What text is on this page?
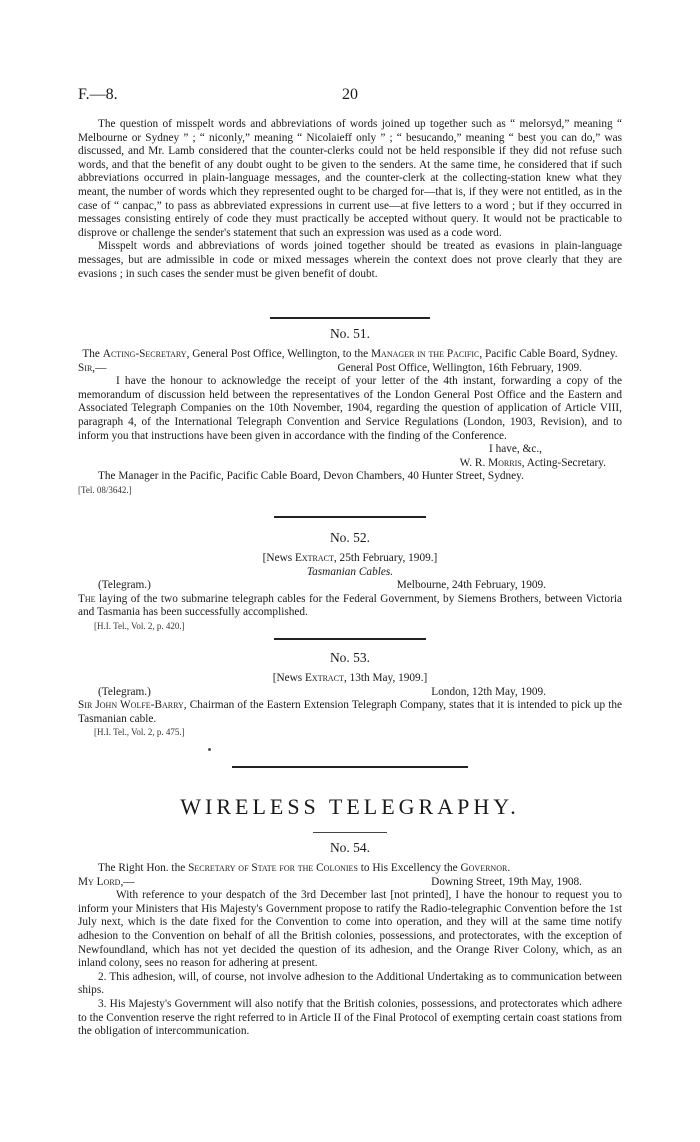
F.—8.	20

The question of misspelt words and abbreviations of words joined up together such as “ melorsyd,” meaning “ Melbourne or Sydney ” ; “ niconly,” meaning “ Nicolaieff only ” ; “ besucando,” meaning “ best you can do,” was discussed, and Mr. Lamb considered that the counter-clerks could not be held responsible if they did not refuse such words, and that the benefit of any doubt ought to be given to the senders. At the same time, he considered that if such abbreviations occurred in plain-language messages, and the counter-clerk at the collecting-station knew what they meant, the number of words which they represented ought to be charged for—that is, if they were not entitled, as in the case of “ canpac,” to pass as abbreviated expressions in current use—at five letters to a word ; but if they occurred in messages consisting entirely of code they must practically be accepted without query. It would not be practicable to disprove or challenge the sender's statement that such an expression was used as a code word.

Misspelt words and abbreviations of words joined together should be treated as evasions in plain-language messages, but are admissible in code or mixed messages wherein the context does not prove clearly that they are evasions ; in such cases the sender must be given benefit of doubt.

No. 51.

The Acting-Secretary, General Post Office, Wellington, to the Manager in the Pacific, Pacific Cable Board, Sydney.

Sir,—	General Post Office, Wellington, 16th February, 1909.

I have the honour to acknowledge the receipt of your letter of the 4th instant, forwarding a copy of the memorandum of discussion held between the representatives of the London General Post Office and the Eastern and Associated Telegraph Companies on the 10th November, 1904, regarding the question of application of Article VIII, paragraph 4, of the International Telegraph Convention and Service Regulations (London, 1903, Revision), and to inform you that instructions have been given in accordance with the finding of the Conference.

I have, &c.,

W. R. Morris, Acting-Secretary.

The Manager in the Pacific, Pacific Cable Board, Devon Chambers, 40 Hunter Street, Sydney.

[Tel. 08/3642.]

No. 52.

[News Extract, 25th February, 1909.]

Tasmanian Cables.

(Telegram.)	Melbourne, 24th February, 1909.

The laying of the two submarine telegraph cables for the Federal Government, by Siemens Brothers, between Victoria and Tasmania has been successfully accomplished.

[H.I. Tel., Vol. 2, p. 420.]

No. 53.

[News Extract, 13th May, 1909.]

(Telegram.)	London, 12th May, 1909.

Sir John Wolfe-Barry, Chairman of the Eastern Extension Telegraph Company, states that it is intended to pick up the Tasmanian cable.

[H.I. Tel., Vol. 2, p. 475.]

WIRELESS TELEGRAPHY.
No. 54.

The Right Hon. the Secretary of State for the Colonies to His Excellency the Governor.

My Lord,—	Downing Street, 19th May, 1908.

With reference to your despatch of the 3rd December last [not printed], I have the honour to request you to inform your Ministers that His Majesty's Government propose to ratify the Radio-telegraphic Convention before the 1st July next, which is the date fixed for the Convention to come into operation, and they will at the same time notify adhesion to the Convention on behalf of all the British colonies, possessions, and protectorates, with the exception of Newfoundland, which has not yet decided the question of its adhesion, and the Orange River Colony, which, as an inland colony, sees no reason for adhering at present.

2. This adhesion, will, of course, not involve adhesion to the Additional Undertaking as to communication between ships.

3. His Majesty's Government will also notify that the British colonies, possessions, and protectorates which adhere to the Convention reserve the right referred to in Article II of the Final Protocol of exempting certain coast stations from the obligation of intercommunication.
